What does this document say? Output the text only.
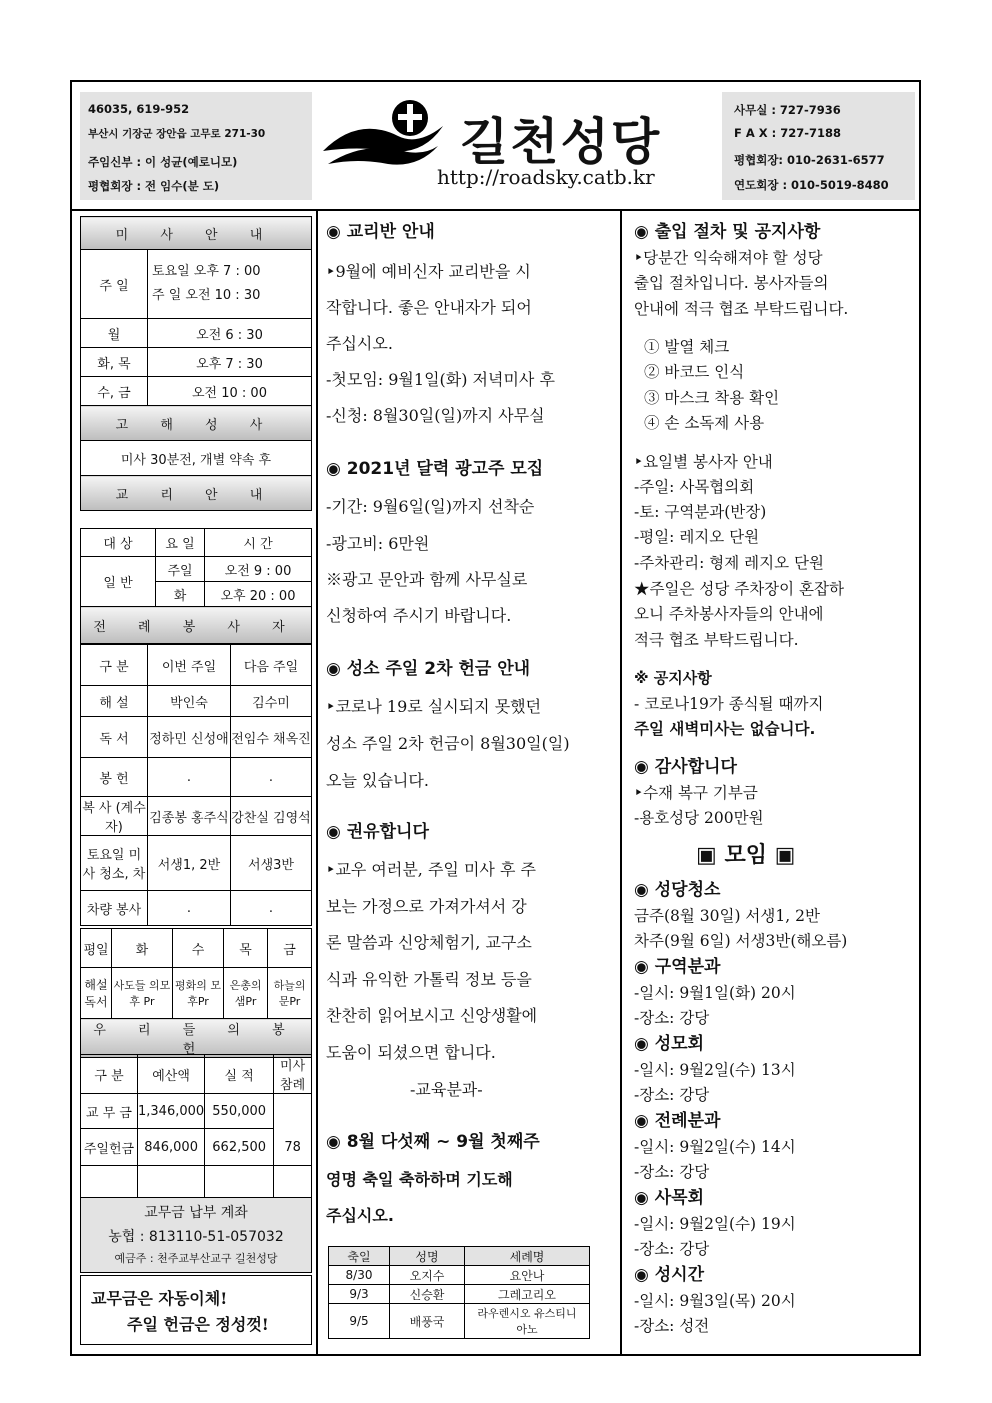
46035, 619-952
부산시 기장군 장안읍 고무로 271-30
주임신부 : 이 성균(예로니모)
평협회장 : 전 임수(분 도)
길천성당
http://roadsky.catb.kr
사무실 : 727-7936
F A X : 727-7188
평협회장: 010-2631-6577
연도회장 : 010-5019-8480
미 사 안 내	
주 일	토요일 오후 7 : 00
주 일 오전 10 : 30

월	오전 6 : 30
화, 목	오후 7 : 30
수, 금	오전 10 : 00
고 해 성 사	
미사 30분전, 개별 약속 후	
교 리 안 내	
대 상	요 일	시 간
일 반	주일	오전 9 : 00
	화	오후 20 : 00
전 례 봉 사 자		
구 분	이번 주일	다음 주일
해 설	박인숙	김수미
독 서	정하민 신성애	전임수 채옥진
봉 헌	.	.
복 사 (계수자)	김종봉 홍주식	강찬실 김영석
토요일 미사 청소, 차	서생1, 2반	서생3반
차량 봉사	.	.
평일	화	수	목	금
해설 독서	사도들 의모후 Pr	평화의 모후Pr	은총의 샘Pr	하늘의 문Pr
우 리 들 의 봉 헌				
구 분	예산액	실 적	미사 참례
교 무 금	1,346,000	550,000	78
주일헌금	846,000	662,500	

교무금 납부 계좌
농협 : 813110-51-057032
예금주 : 천주교부산교구 길천성당
교무금은 자동이체!
주일 헌금은 정성껏!

◉ 교리반 안내

‣9월에 예비신자 교리반을 시

작합니다. 좋은 안내자가 되어

주십시오.

-첫모임: 9월1일(화) 저녁미사 후

-신청: 8월30일(일)까지 사무실

◉ 2021년 달력 광고주 모집

-기간: 9월6일(일)까지 선착순

-광고비: 6만원

※광고 문안과 함께 사무실로

신청하여 주시기 바랍니다.

◉ 성소 주일 2차 헌금 안내

‣코로나 19로 실시되지 못했던

성소 주일 2차 헌금이 8월30일(일)

오늘 있습니다.

◉ 권유합니다

‣교우 여러분, 주일 미사 후 주

보는 가정으로 가져가셔서 강

론 말씀과 신앙체험기, 교구소

식과 유익한 가톨릭 정보 등을

찬찬히 읽어보시고 신앙생활에

도움이 되셨으면 합니다.

-교육분과-

◉ 8월 다섯째 ~ 9월 첫째주

영명 축일 축하하며 기도해

주십시오.

축일	성명	세례명
8/30	오지수	요안나
9/3	신승환	그레고리오
9/5	배풍국	라우렌시오 유스티니아노

◉ 출입 절차 및 공지사항

‣당분간 익숙해져야 할 성당

출입 절차입니다. 봉사자들의

안내에 적극 협조 부탁드립니다.

① 발열 체크

② 바코드 인식

③ 마스크 착용 확인

④ 손 소독제 사용

‣요일별 봉사자 안내

-주일: 사목협의회

-토: 구역분과(반장)

-평일: 레지오 단원

-주차관리: 형제 레지오 단원

★주일은 성당 주차장이 혼잡하

오니 주차봉사자들의 안내에

적극 협조 부탁드립니다.

※ 공지사항

- 코로나19가 종식될 때까지

주일 새벽미사는 없습니다.

◉ 감사합니다

‣수재 복구 기부금

-용호성당 200만원

▣ 모임 ▣

◉ 성당청소

금주(8월 30일) 서생1, 2반

차주(9월 6일) 서생3반(해오름)

◉ 구역분과

-일시: 9월1일(화) 20시

-장소: 강당

◉ 성모회

-일시: 9월2일(수) 13시

-장소: 강당

◉ 전례분과

-일시: 9월2일(수) 14시

-장소: 강당

◉ 사목회

-일시: 9월2일(수) 19시

-장소: 강당

◉ 성시간

-일시: 9월3일(목) 20시

-장소: 성전
